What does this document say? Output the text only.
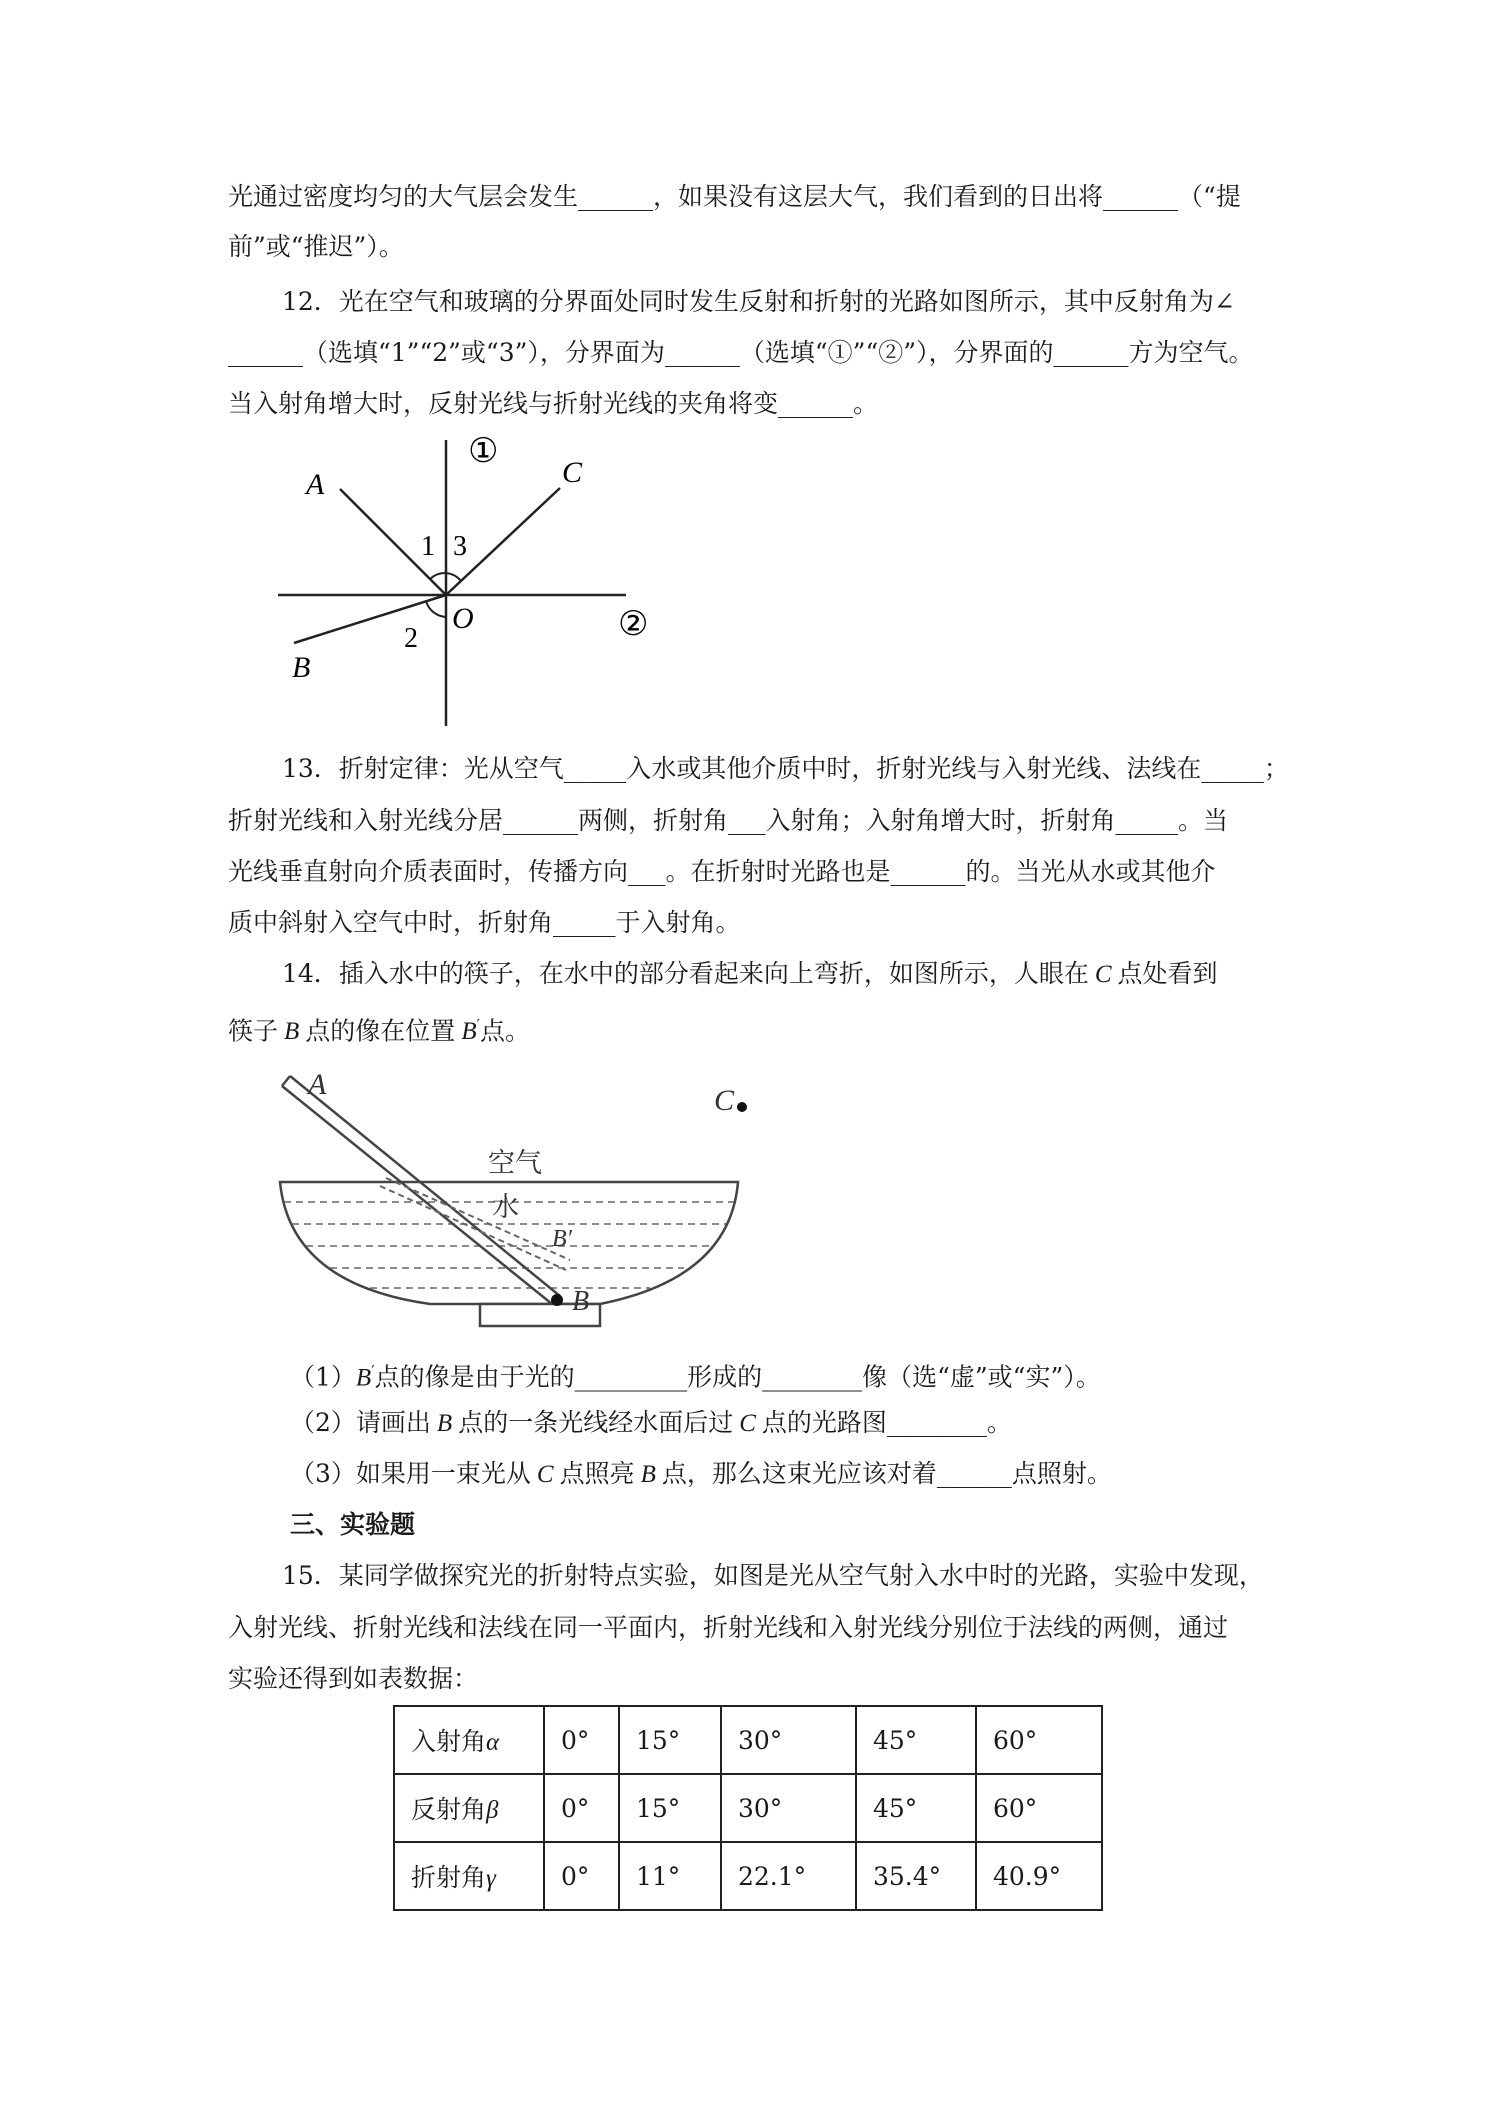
光通过密度均匀的大气层会发生______，如果没有这层大气，我们看到的日出将______（“提
前”或“推迟”）。
12．光在空气和玻璃的分界面处同时发生反射和折射的光路如图所示，其中反射角为∠
______（选填“1”“2”或“3”），分界面为______（选填“①”“②”），分界面的______方为空气。
当入射角增大时，反射光线与折射光线的夹角将变______。
①
②
A	C
B
O
1 3
2
13．折射定律：光从空气_____入水或其他介质中时，折射光线与入射光线、法线在_____；
折射光线和入射光线分居______两侧，折射角___入射角；入射角增大时，折射角_____。当
光线垂直射向介质表面时，传播方向___。在折射时光路也是______的。当光从水或其他介
质中斜射入空气中时，折射角_____于入射角。
14．插入水中的筷子，在水中的部分看起来向上弯折，如图所示，人眼在 C 点处看到
筷子 B 点的像在位置 B′点。
A	C
空气
水
B′
B
（1）B′点的像是由于光的_________形成的________像（选“虚”或“实”）。
（2）请画出 B 点的一条光线经水面后过 C 点的光路图________。
（3）如果用一束光从 C 点照亮 B 点，那么这束光应该对着______点照射。
三、实验题
15．某同学做探究光的折射特点实验，如图是光从空气射入水中时的光路，实验中发现，
入射光线、折射光线和法线在同一平面内，折射光线和入射光线分别位于法线的两侧，通过
实验还得到如表数据：
入射角α	0°	15°	30°	45°	60°
反射角β	0°	15°	30°	45°	60°
折射角γ	0°	11°	22.1°	35.4°	40.9°
